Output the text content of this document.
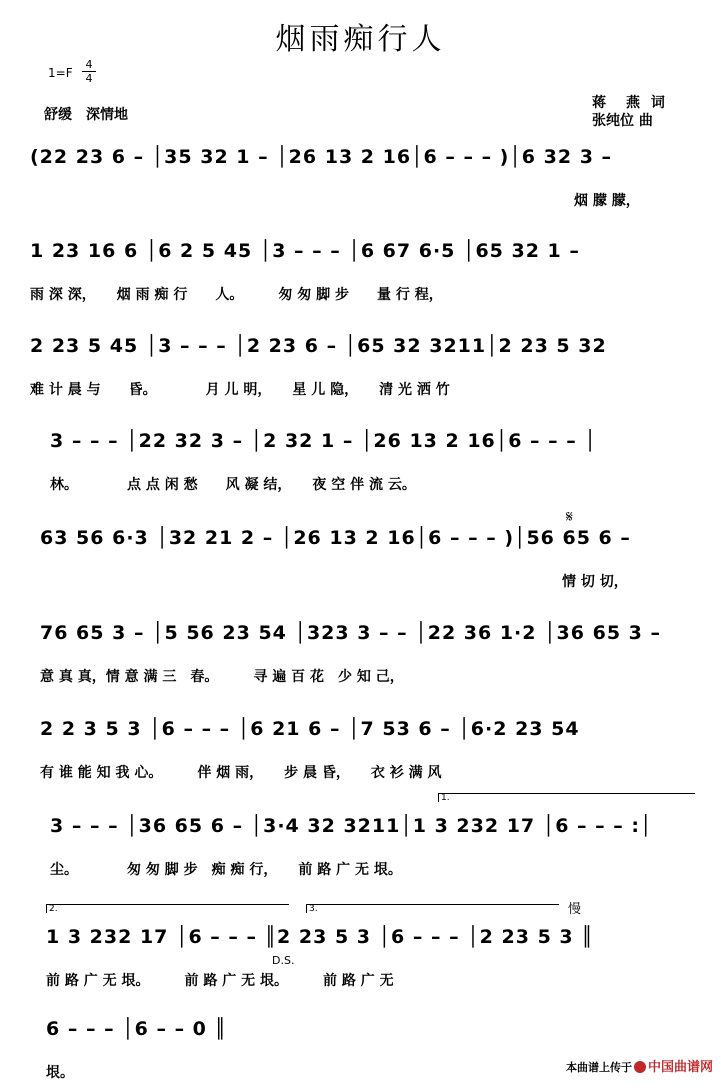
烟雨痴行人
1=F
4
4
舒缓　深情地
蒋　燕 词
张纯位 曲
(22 23 6 – │35 32 1 – │26 13 2 16│6 – – – )│6 32 3 –
烟 朦 朦，
1 23 16 6 │6 2 5 45 │3 – – – │6 67 6·5 │65 32 1 –
雨 深 深，　　烟 雨 痴 行　　人。　　　匆 匆 脚 步　　量 行 程，
2 23 5 45 │3 – – – │2 23 6 – │65 32 3211│2 23 5 32
难 计 晨 与　　昏。　　　　月 儿 明，　　星 儿 隐，　　清 光 洒 竹
3 – – – │22 32 3 – │2 32 1 – │26 13 2 16│6 – – – │
林。　　　　点 点 闲 愁　　风 凝 结，　　夜 空 伴 流 云。
𝄋
63 56 6·3 │32 21 2 – │26 13 2 16│6 – – – )│56 65 6 –
情 切 切，
76 65 3 – │5 56 23 54 │323 3 – – │22 36 1·2 │36 65 3 –
意 真 真，情 意 满 三　春。　　　寻 遍 百 花　少 知 己，
2 2 3 5 3 │6 – – – │6 21 6 – │7 53 6 – │6·2 23 54
有 谁 能 知 我 心。　　　伴 烟 雨，　　步 晨 昏，　　衣 衫 满 风
1.
3 – – – │36 65 6 – │3·4 32 3211│1 3 232 17 │6 – – – :│
尘。　　　　匆 匆 脚 步　痴 痴 行，　　前 路 广 无 垠。
2.	3.	慢
D.S.
1 3 232 17 │6 – – – ║2 23 5 3 │6 – – – │2 23 5 3 ║
前 路 广 无 垠。　　　前 路 广 无 垠。　　　前 路 广 无
6 – – – │6 – – 0 ║
垠。	本曲谱上传于 中国曲谱网
